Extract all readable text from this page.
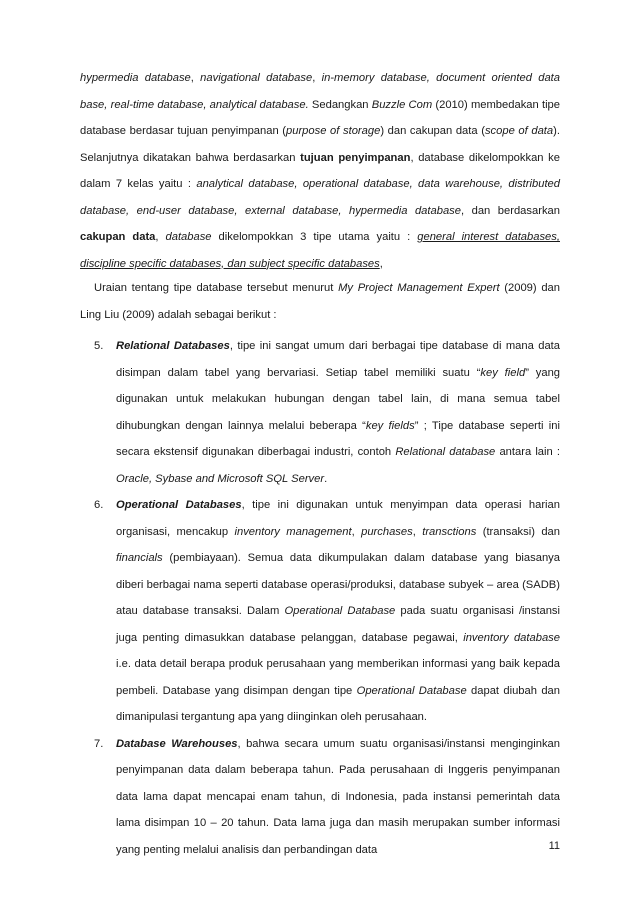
hypermedia database, navigational database, in-memory database, document oriented data base, real-time database, analytical database. Sedangkan Buzzle Com (2010) membedakan tipe database berdasar tujuan penyimpanan (purpose of storage) dan cakupan data (scope of data). Selanjutnya dikatakan bahwa berdasarkan tujuan penyimpanan, database dikelompokkan ke dalam 7 kelas yaitu : analytical database, operational database, data warehouse, distributed database, end-user database, external database, hypermedia database, dan berdasarkan cakupan data, database dikelompokkan 3 tipe utama yaitu : general interest databases, discipline specific databases, dan subject specific databases,
Uraian tentang tipe database tersebut menurut My Project Management Expert (2009) dan Ling Liu (2009) adalah sebagai berikut :
5. Relational Databases, tipe ini sangat umum dari berbagai tipe database di mana data disimpan dalam tabel yang bervariasi. Setiap tabel memiliki suatu “key field” yang digunakan untuk melakukan hubungan dengan tabel lain, di mana semua tabel dihubungkan dengan lainnya melalui beberapa “key fields” ; Tipe database seperti ini secara ekstensif digunakan diberbagai industri, contoh Relational database antara lain : Oracle, Sybase and Microsoft SQL Server.
6. Operational Databases, tipe ini digunakan untuk menyimpan data operasi harian organisasi, mencakup inventory management, purchases, transctions (transaksi) dan financials (pembiayaan). Semua data dikumpulakan dalam database yang biasanya diberi berbagai nama seperti database operasi/produksi, database subyek – area (SADB) atau database transaksi. Dalam Operational Database pada suatu organisasi /instansi juga penting dimasukkan database pelanggan, database pegawai, inventory database i.e. data detail berapa produk perusahaan yang memberikan informasi yang baik kepada pembeli. Database yang disimpan dengan tipe Operational Database dapat diubah dan dimanipulasi tergantung apa yang diinginkan oleh perusahaan.
7. Database Warehouses, bahwa secara umum suatu organisasi/instansi menginginkan penyimpanan data dalam beberapa tahun. Pada perusahaan di Inggeris penyimpanan data lama dapat mencapai enam tahun, di Indonesia, pada instansi pemerintah data lama disimpan 10 – 20 tahun. Data lama juga dan masih merupakan sumber informasi yang penting melalui analisis dan perbandingan data	11
